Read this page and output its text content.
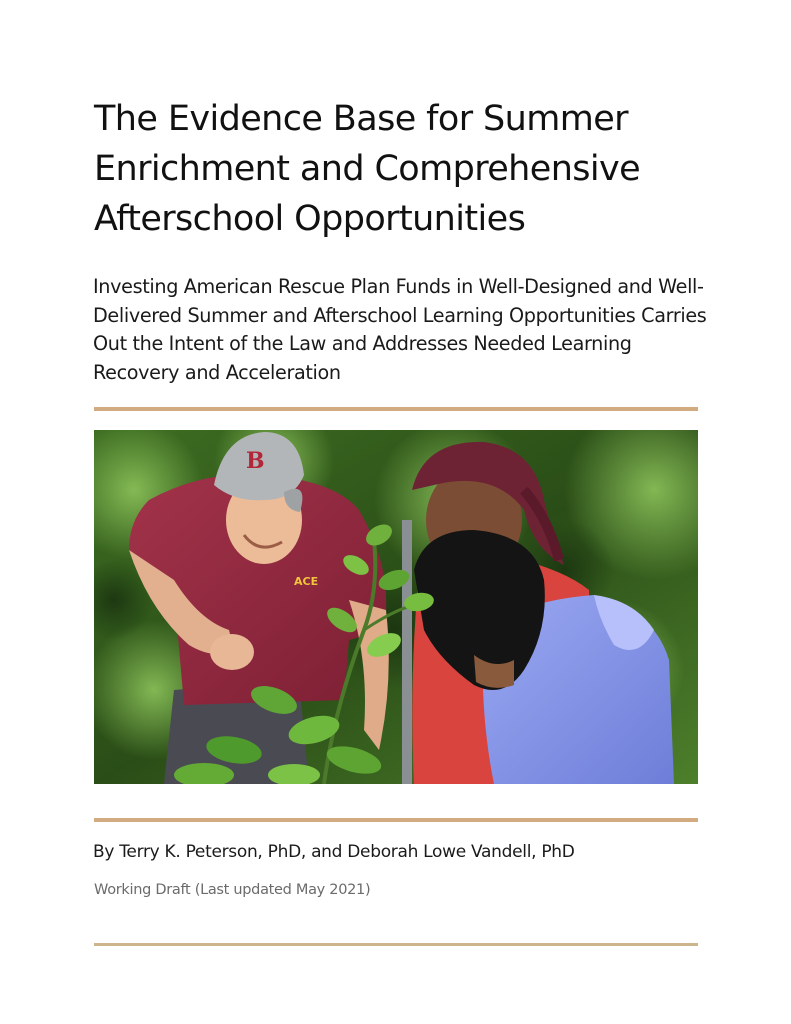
The Evidence Base for Summer Enrichment and Comprehensive Afterschool Opportunities

Investing American Rescue Plan Funds in Well-Designed and Well-Delivered Summer and Afterschool Learning Opportunities Carries Out the Intent of the Law and Addresses Needed Learning Recovery and Acceleration

B
ACE

By Terry K. Peterson, PhD, and Deborah Lowe Vandell, PhD

Working Draft (Last updated May 2021)
